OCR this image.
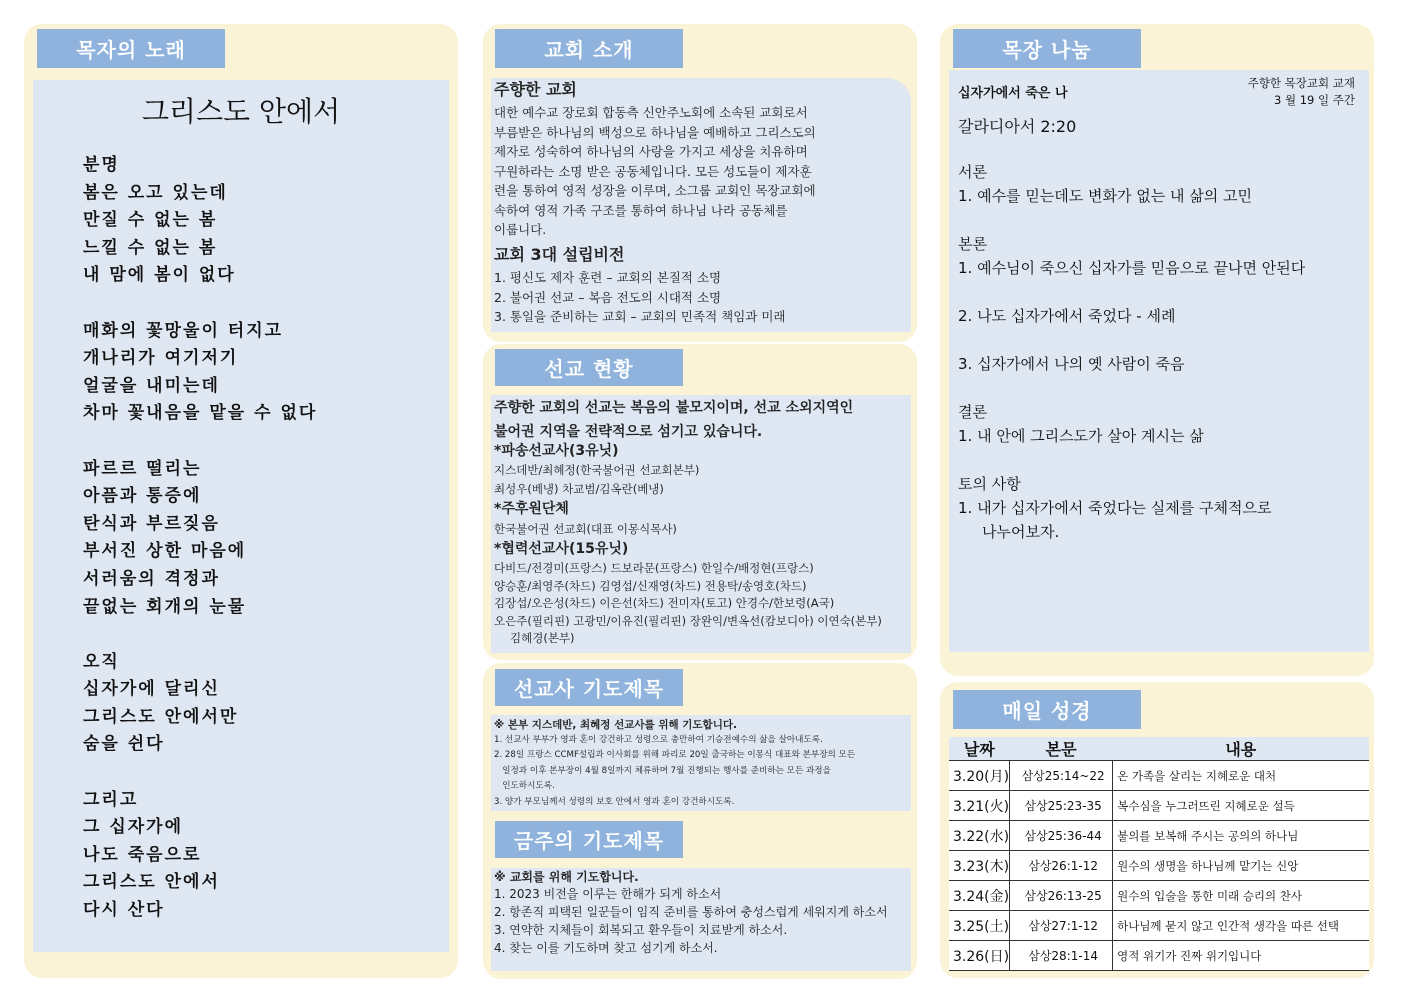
목자의 노래
그리스도 안에서
분명
봄은 오고 있는데
만질 수 없는 봄
느낄 수 없는 봄
내 맘에 봄이 없다

매화의 꽃망울이 터지고
개나리가 여기저기
얼굴을 내미는데
차마 꽃내음을 맡을 수 없다

파르르 떨리는
아픔과 통증에
탄식과 부르짖음
부서진 상한 마음에
서러움의 격정과
끝없는 회개의 눈물

오직
십자가에 달리신
그리스도 안에서만
숨을 쉰다

그리고
그 십자가에
나도 죽음으로
그리스도 안에서
다시 산다
교회 소개
주향한 교회
대한 예수교 장로회 합동측 신안주노회에 소속된 교회로서
부름받은 하나님의 백성으로 하나님을 예배하고 그리스도의
제자로 성숙하여 하나님의 사랑을 가지고 세상을 치유하며
구원하라는 소명 받은 공동체입니다. 모든 성도들이 제자훈
련을 통하여 영적 성장을 이루며, 소그룹 교회인 목장교회에
속하여 영적 가족 구조를 통하여 하나님 나라 공동체를
이룹니다.
교회 3대 설립비전
1. 평신도 제자 훈련 – 교회의 본질적 소명
2. 불어권 선교 – 복음 전도의 시대적 소명
3. 통일을 준비하는 교회 – 교회의 민족적 책임과 미래
선교 현황
주향한 교회의 선교는 복음의 불모지이며, 선교 소외지역인
불어권 지역을 전략적으로 섬기고 있습니다.
*파송선교사(3유닛)
지스데반/최혜정(한국불어권 선교회본부)
최성우(베냉) 차교범/김옥란(베냉)
*주후원단체
한국불어권 선교회(대표 이몽식목사)
*협력선교사(15유닛)
다비드/전경미(프랑스) 드보라문(프랑스) 한일수/배정현(프랑스)
양승훈/최영주(차드) 김영섭/신재영(차드) 전용탁/송영호(차드)
김장섭/오은성(차드) 이은선(차드) 전미자(토고) 안경수/한보령(A국)
오은주(필리핀) 고광민/이유진(필리핀) 장완익/변옥선(캄보디아) 이연숙(본부)
김혜경(본부)
선교사 기도제목
※ 본부 지스데반, 최혜정 선교사를 위해 기도합니다.
1. 선교사 부부가 영과 혼이 강건하고 성령으로 충만하여 기승전예수의 삶을 살아내도록.
2. 28일 프랑스 CCMF설립과 이사회를 위해 파리로 20일 출국하는 이몽식 대표와 본부장의 모든
일정과 이후 본부장이 4월 8일까지 체류하며 7월 진행되는 행사를 준비하는 모든 과정을
인도하시도록.
3. 양가 부모님께서 성령의 보호 안에서 영과 혼이 강건하시도록.
금주의 기도제목
※ 교회를 위해 기도합니다.
1. 2023 비전을 이루는 한해가 되게 하소서
2. 항존직 피택된 일꾼들이 임직 준비를 통하여 충성스럽게 세워지게 하소서
3. 연약한 지체들이 회복되고 환우들이 치료받게 하소서.
4. 찾는 이를 기도하며 찾고 섬기게 하소서.
목장 나눔
주향한 목장교회 교재
3 월 19 일 주간
십자가에서 죽은 나
갈라디아서 2:20
서론
1. 예수를 믿는데도 변화가 없는 내 삶의 고민
본론
1. 예수님이 죽으신 십자가를 믿음으로 끝나면 안된다
2. 나도 십자가에서 죽었다 - 세례
3. 십자가에서 나의 옛 사람이 죽음
결론
1. 내 안에 그리스도가 살아 계시는 삶
토의 사항
1. 내가 십자가에서 죽었다는 실제를 구체적으로
나누어보자.
매일 성경
날짜	본문	내용
3.20(月)	삼상25:14~22	온 가족을 살리는 지혜로운 대처
3.21(火)	삼상25:23-35	복수심을 누그러뜨린 지혜로운 설득
3.22(水)	삼상25:36-44	불의를 보복해 주시는 공의의 하나님
3.23(木)	삼상26:1-12	원수의 생명을 하나님께 맡기는 신앙
3.24(金)	삼상26:13-25	원수의 입술을 통한 미래 승리의 찬사
3.25(土)	삼상27:1-12	하나님께 묻지 않고 인간적 생각을 따른 선택
3.26(日)	삼상28:1-14	영적 위기가 진짜 위기입니다
